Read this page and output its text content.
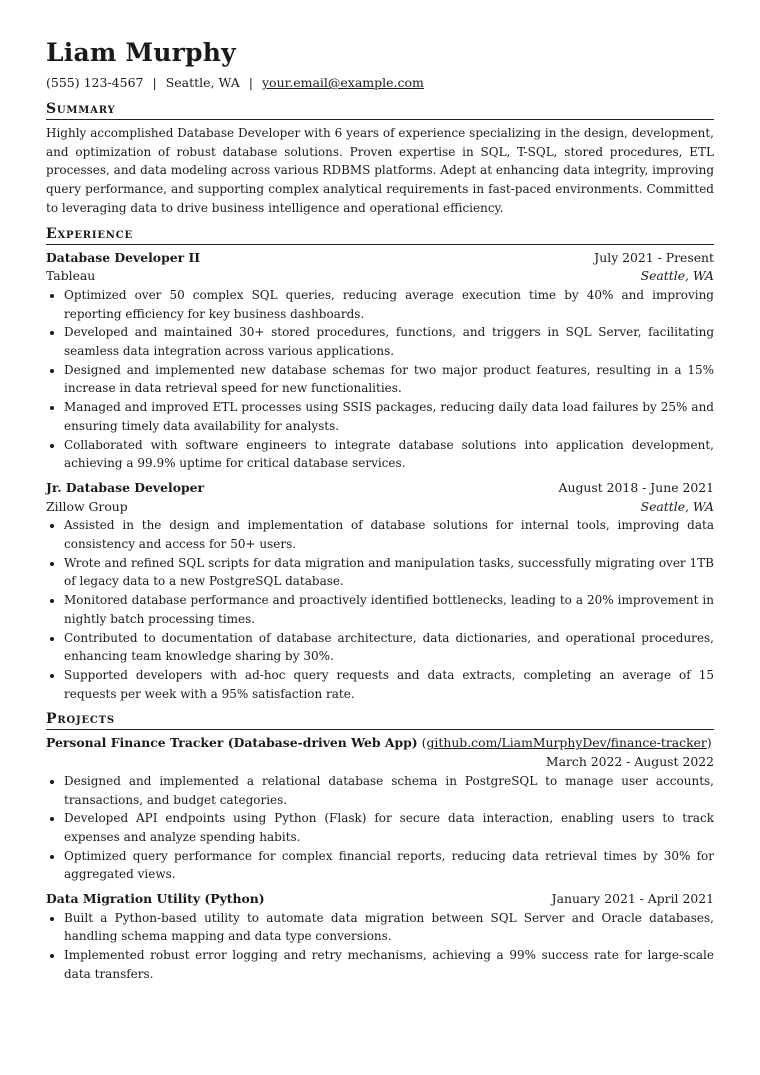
Liam Murphy
(555) 123-4567 | Seattle, WA | your.email@example.com
Summary

Highly accomplished Database Developer with 6 years of experience specializing in the design, development, and optimization of robust database solutions. Proven expertise in SQL, T-SQL, stored procedures, ETL processes, and data modeling across various RDBMS platforms. Adept at enhancing data integrity, improving query performance, and supporting complex analytical requirements in fast-paced environments. Committed to leveraging data to drive business intelligence and operational efficiency.

Experience
Database Developer II	July 2021 - Present
Tableau	Seattle, WA
Optimized over 50 complex SQL queries, reducing average execution time by 40% and improving reporting efficiency for key business dashboards.
Developed and maintained 30+ stored procedures, functions, and triggers in SQL Server, facilitating seamless data integration across various applications.
Designed and implemented new database schemas for two major product features, resulting in a 15% increase in data retrieval speed for new functionalities.
Managed and improved ETL processes using SSIS packages, reducing daily data load failures by 25% and ensuring timely data availability for analysts.
Collaborated with software engineers to integrate database solutions into application development, achieving a 99.9% uptime for critical database services.
Jr. Database Developer	August 2018 - June 2021
Zillow Group	Seattle, WA
Assisted in the design and implementation of database solutions for internal tools, improving data consistency and access for 50+ users.
Wrote and refined SQL scripts for data migration and manipulation tasks, successfully migrating over 1TB of legacy data to a new PostgreSQL database.
Monitored database performance and proactively identified bottlenecks, leading to a 20% improvement in nightly batch processing times.
Contributed to documentation of database architecture, data dictionaries, and operational procedures, enhancing team knowledge sharing by 30%.
Supported developers with ad-hoc query requests and data extracts, completing an average of 15 requests per week with a 95% satisfaction rate.
Projects
Personal Finance Tracker (Database-driven Web App) (github.com/LiamMurphyDev/finance-tracker)
March 2022 - August 2022
Designed and implemented a relational database schema in PostgreSQL to manage user accounts, transactions, and budget categories.
Developed API endpoints using Python (Flask) for secure data interaction, enabling users to track expenses and analyze spending habits.
Optimized query performance for complex financial reports, reducing data retrieval times by 30% for aggregated views.
Data Migration Utility (Python)	January 2021 - April 2021
Built a Python-based utility to automate data migration between SQL Server and Oracle databases, handling schema mapping and data type conversions.
Implemented robust error logging and retry mechanisms, achieving a 99% success rate for large-scale data transfers.
